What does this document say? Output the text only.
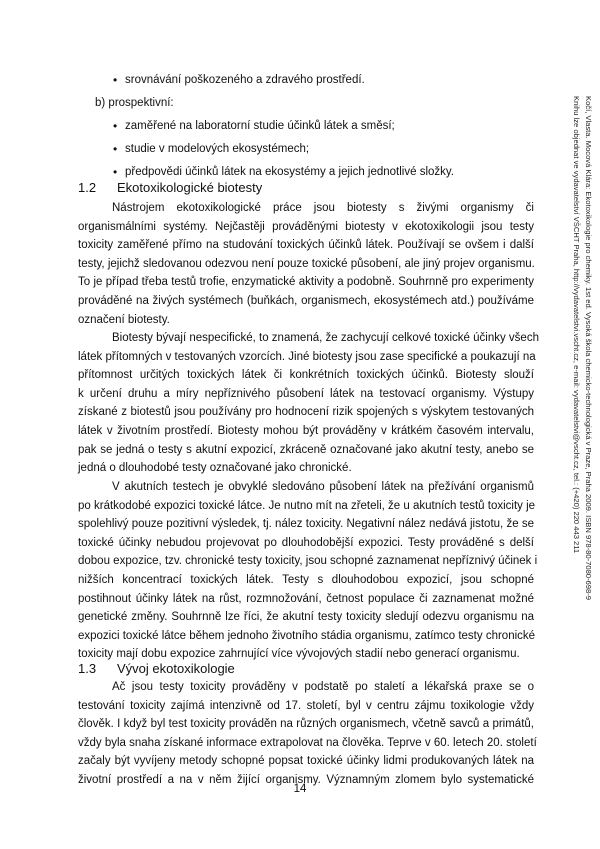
• srovnávání poškozeného a zdravého prostředí.
b) prospektivní:
• zaměřené na laboratorní studie účinků látek a směsí;
• studie v modelových ekosystémech;
• předpovědi účinků látek na ekosystémy a jejich jednotlivé složky.
1.2 Ekotoxikologické biotesty
Nástrojem ekotoxikologické práce jsou biotesty s živými organismy či
organismálními systémy. Nejčastěji prováděnými biotesty v ekotoxikologii jsou testy
toxicity zaměřené přímo na studování toxických účinků látek. Používají se ovšem i další
testy, jejichž sledovanou odezvou není pouze toxické působení, ale jiný projev organismu.
To je případ třeba testů trofie, enzymatické aktivity a podobně. Souhrnně pro experimenty
prováděné na živých systémech (buňkách, organismech, ekosystémech atd.) používáme
označení biotesty.
Biotesty bývají nespecifické, to znamená, že zachycují celkové toxické účinky všech
látek přítomných v testovaných vzorcích. Jiné biotesty jsou zase specifické a poukazují na
přítomnost určitých toxických látek či konkrétních toxických účinků. Biotesty slouží
k určení druhu a míry nepříznivého působení látek na testovací organismy. Výstupy
získané z biotestů jsou používány pro hodnocení rizik spojených s výskytem testovaných
látek v životním prostředí. Biotesty mohou být prováděny v krátkém časovém intervalu,
pak se jedná o testy s akutní expozicí, zkráceně označované jako akutní testy, anebo se
jedná o dlouhodobé testy označované jako chronické.
V akutních testech je obvyklé sledováno působení látek na přežívání organismů
po krátkodobé expozici toxické látce. Je nutno mít na zřeteli, že u akutních testů toxicity je
spolehlivý pouze pozitivní výsledek, tj. nález toxicity. Negativní nález nedává jistotu, že se
toxické účinky nebudou projevovat po dlouhodobější expozici. Testy prováděné s delší
dobou expozice, tzv. chronické testy toxicity, jsou schopné zaznamenat nepříznivý účinek i
nižších koncentrací toxických látek. Testy s dlouhodobou expozicí, jsou schopné
postihnout účinky látek na růst, rozmnožování, četnost populace či zaznamenat možné
genetické změny. Souhrnně lze říci, že akutní testy toxicity sledují odezvu organismu na
expozici toxické látce během jednoho životního stádia organismu, zatímco testy chronické
toxicity mají dobu expozice zahrnující více vývojových stadií nebo generací organismu.
1.3 Vývoj ekotoxikologie
Ač jsou testy toxicity prováděny v podstatě po staletí a lékařská praxe se o
testování toxicity zajímá intenzivně od 17. století, byl v centru zájmu toxikologie vždy
člověk. I když byl test toxicity prováděn na různých organismech, včetně savců a primátů,
vždy byla snaha získané informace extrapolovat na člověka. Teprve v 60. letech 20. století
začaly být vyvíjeny metody schopné popsat toxické účinky lidmi produkovaných látek na
životní prostředí a na v něm žijící organismy. Významným zlomem bylo systematické
14
Kočí, Vlasta. Mocová Klára: Ekotoxikologie pro chemiky. 1st ed. Vysoká škola chemicko-technologická v Praze, Praha 2009. ISBN 978-80-7080-698-9
Knihu lze objednat ve vydavatelství VŠCHT Praha, http://vydavatelstvi.vscht.cz, e-mail: vydavatelstvi@vscht.cz, tel.: (+420) 220 443 211
